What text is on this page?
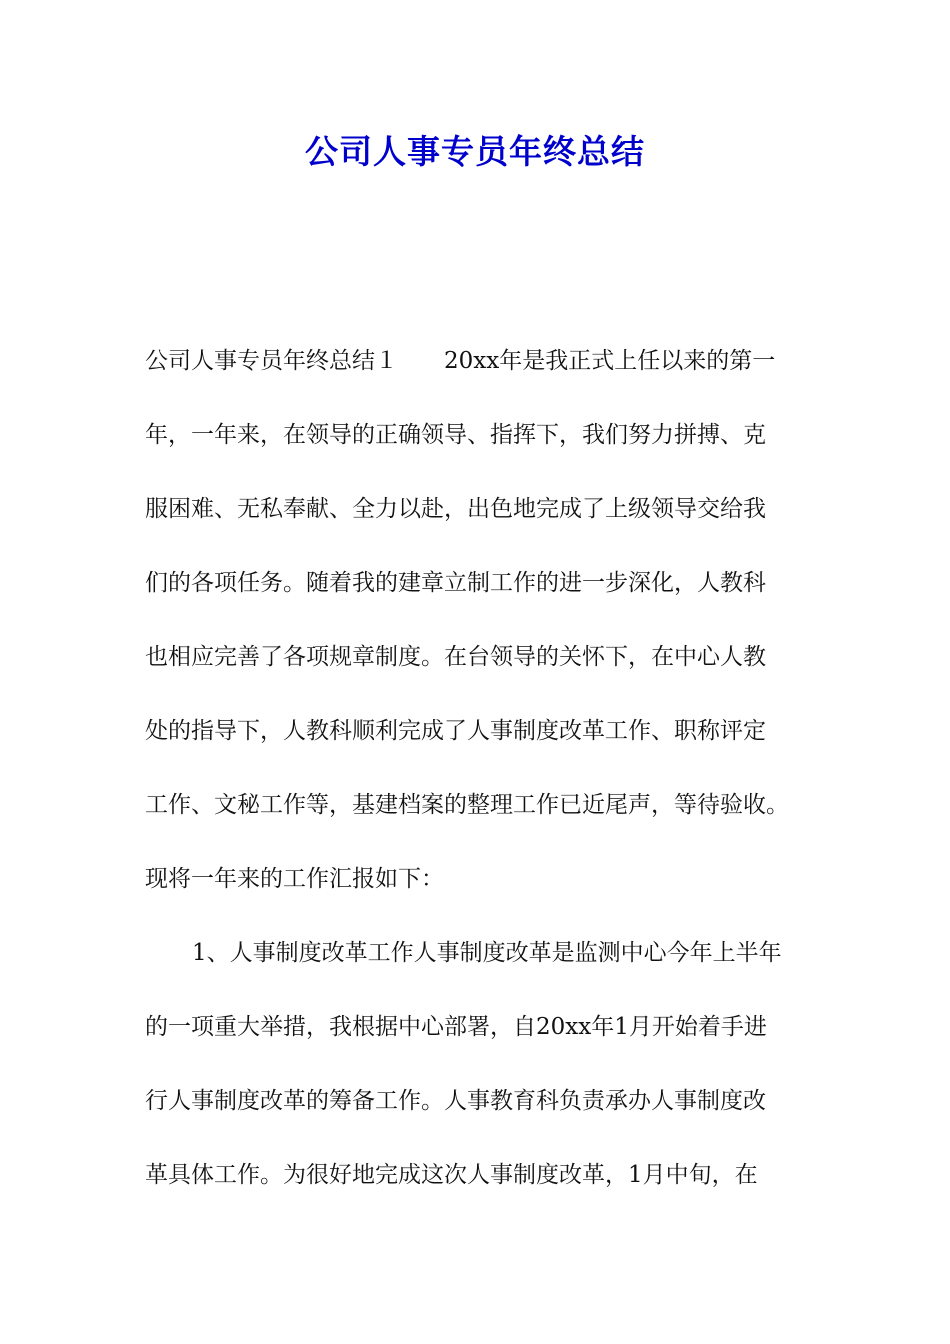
公司人事专员年终总结
公司人事专员年终总结１　　20xx年是我正式上任以来的第一
年，一年来，在领导的正确领导、指挥下，我们努力拼搏、克
服困难、无私奉献、全力以赴，出色地完成了上级领导交给我
们的各项任务。随着我的建章立制工作的进一步深化，人教科
也相应完善了各项规章制度。在台领导的关怀下，在中心人教
处的指导下，人教科顺利完成了人事制度改革工作、职称评定
工作、文秘工作等，基建档案的整理工作已近尾声，等待验收。
现将一年来的工作汇报如下：
1、人事制度改革工作人事制度改革是监测中心今年上半年
的一项重大举措，我根据中心部署，自20xx年1月开始着手进
行人事制度改革的筹备工作。人事教育科负责承办人事制度改
革具体工作。为很好地完成这次人事制度改革，1月中旬，在
